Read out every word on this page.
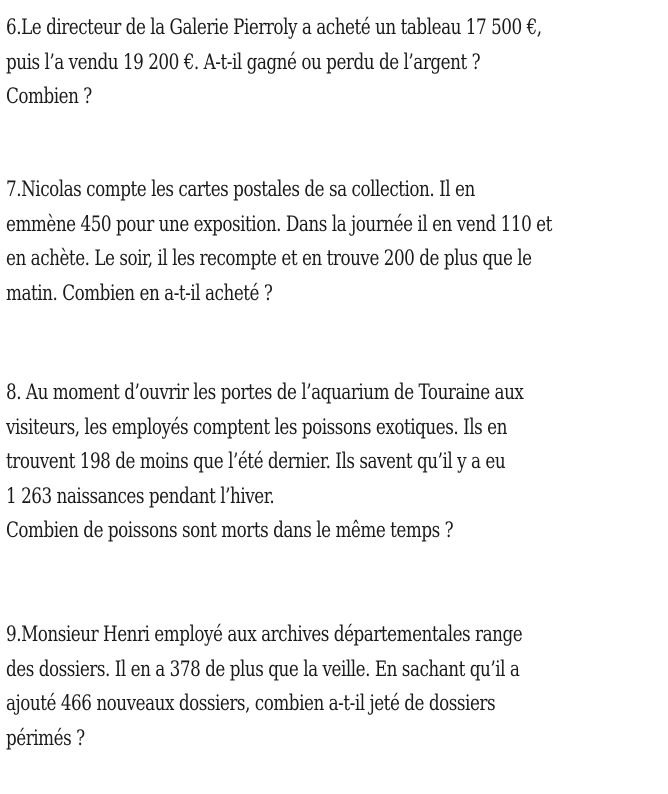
6.Le directeur de la Galerie Pierroly a acheté un tableau 17 500 €,
puis l’a vendu 19 200 €. A-t-il gagné ou perdu de l’argent ?
Combien ?
7.Nicolas compte les cartes postales de sa collection. Il en
emmène 450 pour une exposition. Dans la journée il en vend 110 et
en achète. Le soir, il les recompte et en trouve 200 de plus que le
matin. Combien en a-t-il acheté ?
8. Au moment d’ouvrir les portes de l’aquarium de Touraine aux
visiteurs, les employés comptent les poissons exotiques. Ils en
trouvent 198 de moins que l’été dernier. Ils savent qu’il y a eu
1 263 naissances pendant l’hiver.
Combien de poissons sont morts dans le même temps ?
9.Monsieur Henri employé aux archives départementales range
des dossiers. Il en a 378 de plus que la veille. En sachant qu’il a
ajouté 466 nouveaux dossiers, combien a-t-il jeté de dossiers
périmés ?
